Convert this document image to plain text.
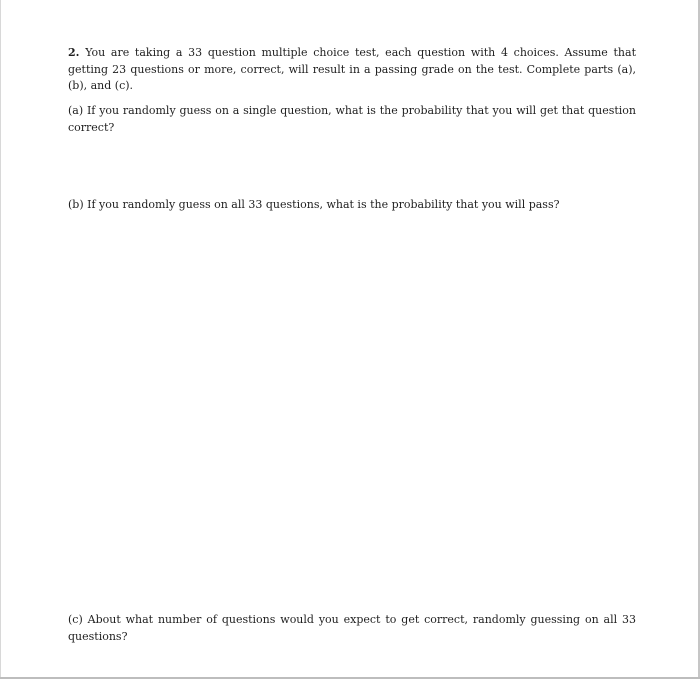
2. You are taking a 33 question multiple choice test, each question with 4 choices. Assume that getting 23 questions or more, correct, will result in a passing grade on the test. Complete parts (a), (b), and (c).

(a) If you randomly guess on a single question, what is the probability that you will get that question correct?

(b) If you randomly guess on all 33 questions, what is the probability that you will pass?

(c) About what number of questions would you expect to get correct, randomly guessing on all 33 questions?
